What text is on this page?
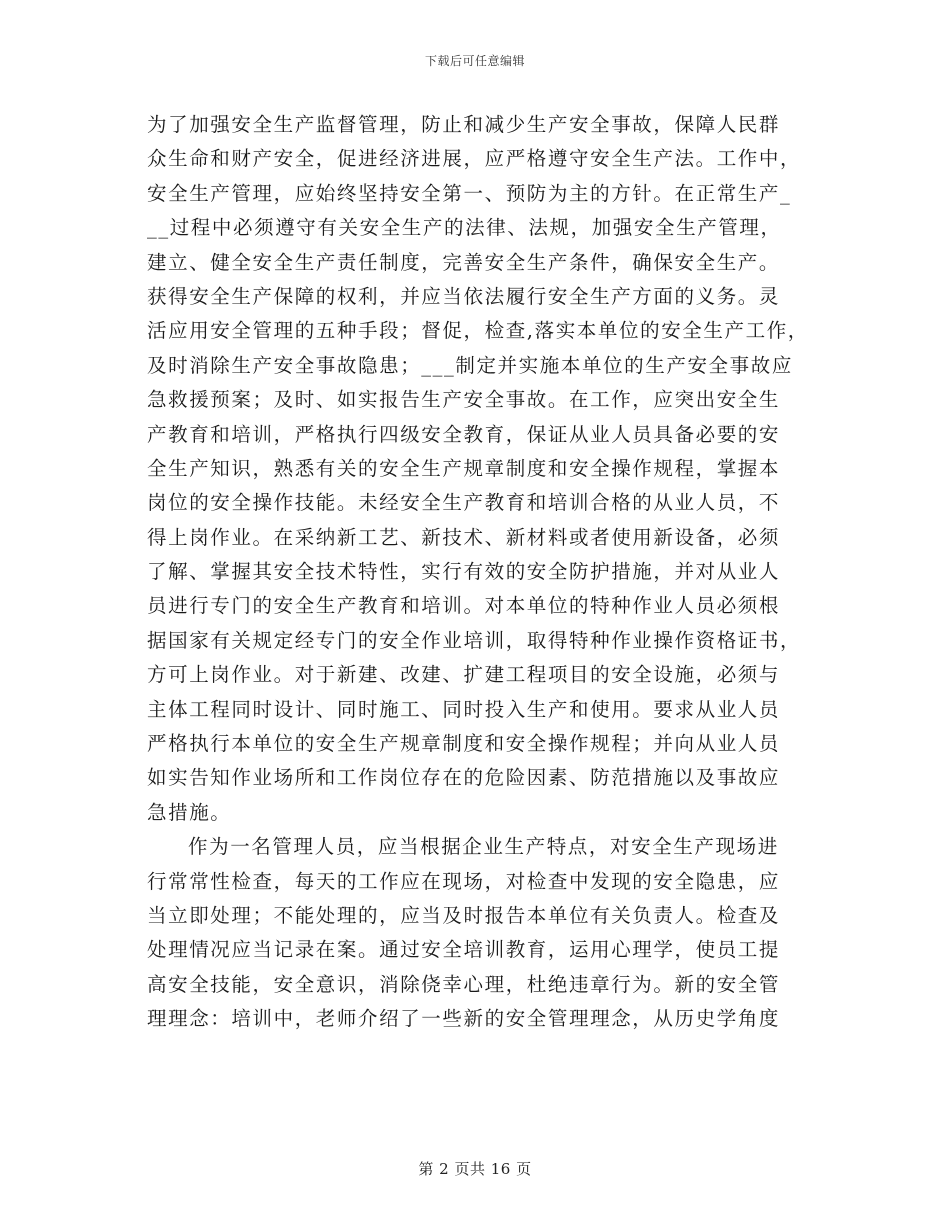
下载后可任意编辑
为了加强安全生产监督管理，防止和减少生产安全事故，保障人民群
众生命和财产安全，促进经济进展，应严格遵守安全生产法。工作中，
安全生产管理，应始终坚持安全第一、预防为主的方针。在正常生产_
__过程中必须遵守有关安全生产的法律、法规，加强安全生产管理，
建立、健全安全生产责任制度，完善安全生产条件，确保安全生产。
获得安全生产保障的权利，并应当依法履行安全生产方面的义务。灵
活应用安全管理的五种手段；督促，检查,落实本单位的安全生产工作，
及时消除生产安全事故隐患；___制定并实施本单位的生产安全事故应
急救援预案；及时、如实报告生产安全事故。在工作，应突出安全生
产教育和培训，严格执行四级安全教育，保证从业人员具备必要的安
全生产知识，熟悉有关的安全生产规章制度和安全操作规程，掌握本
岗位的安全操作技能。未经安全生产教育和培训合格的从业人员，不
得上岗作业。在采纳新工艺、新技术、新材料或者使用新设备，必须
了解、掌握其安全技术特性，实行有效的安全防护措施，并对从业人
员进行专门的安全生产教育和培训。对本单位的特种作业人员必须根
据国家有关规定经专门的安全作业培训，取得特种作业操作资格证书，
方可上岗作业。对于新建、改建、扩建工程项目的安全设施，必须与
主体工程同时设计、同时施工、同时投入生产和使用。要求从业人员
严格执行本单位的安全生产规章制度和安全操作规程；并向从业人员
如实告知作业场所和工作岗位存在的危险因素、防范措施以及事故应
急措施。
作为一名管理人员，应当根据企业生产特点，对安全生产现场进
行常常性检查，每天的工作应在现场，对检查中发现的安全隐患，应
当立即处理；不能处理的，应当及时报告本单位有关负责人。检查及
处理情况应当记录在案。通过安全培训教育，运用心理学，使员工提
高安全技能，安全意识，消除侥幸心理，杜绝违章行为。新的安全管
理理念：培训中，老师介绍了一些新的安全管理理念，从历史学角度
第 2 页共 16 页
